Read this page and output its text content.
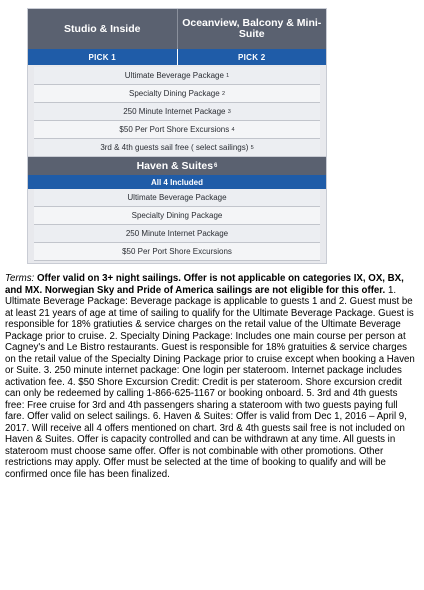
Studio & Inside	Oceanview, Balcony & Mini-Suite
PICK 1	PICK 2
Ultimate Beverage Package
1
Specialty Dining Package
2
250 Minute Internet Package
3
$50 Per Port Shore Excursions
4
3rd & 4th guests sail free ( select sailings)
5
Haven & Suites 6
All 4 Included
Ultimate Beverage Package
Specialty Dining Package
250 Minute Internet Package
$50 Per Port Shore Excursions
Terms: Offer valid on 3+ night sailings. Offer is not applicable on categories IX, OX, BX, and MX. Norwegian Sky and Pride of America sailings are not eligible for this offer. 1. Ultimate Beverage Package: Beverage package is applicable to guests 1 and 2. Guest must be at least 21 years of age at time of sailing to qualify for the Ultimate Beverage Package. Guest is responsible for 18% gratiuties & service charges on the retail value of the Ultimate Beverage Package prior to cruise. 2. Specialty Dining Package: Includes one main course per person at Cagney's and Le Bistro restaurants. Guest is responsible for 18% gratuities & service charges on the retail value of the Specialty Dining Package prior to cruise except when booking a Haven or Suite. 3. 250 minute internet package: One login per stateroom. Internet package includes activation fee. 4. $50 Shore Excursion Credit: Credit is per stateroom. Shore excursion credit can only be redeemed by calling 1-866-625-1167 or booking onboard. 5. 3rd and 4th guests free: Free cruise for 3rd and 4th passengers sharing a stateroom with two guests paying full fare. Offer valid on select sailings. 6. Haven & Suites: Offer is valid from Dec 1, 2016 – April 9, 2017. Will receive all 4 offers mentioned on chart. 3rd & 4th guests sail free is not included on Haven & Suites. Offer is capacity controlled and can be withdrawn at any time. All guests in stateroom must choose same offer. Offer is not combinable with other promotions. Other restrictions may apply. Offer must be selected at the time of booking to qualify and will be confirmed once file has been finalized.
